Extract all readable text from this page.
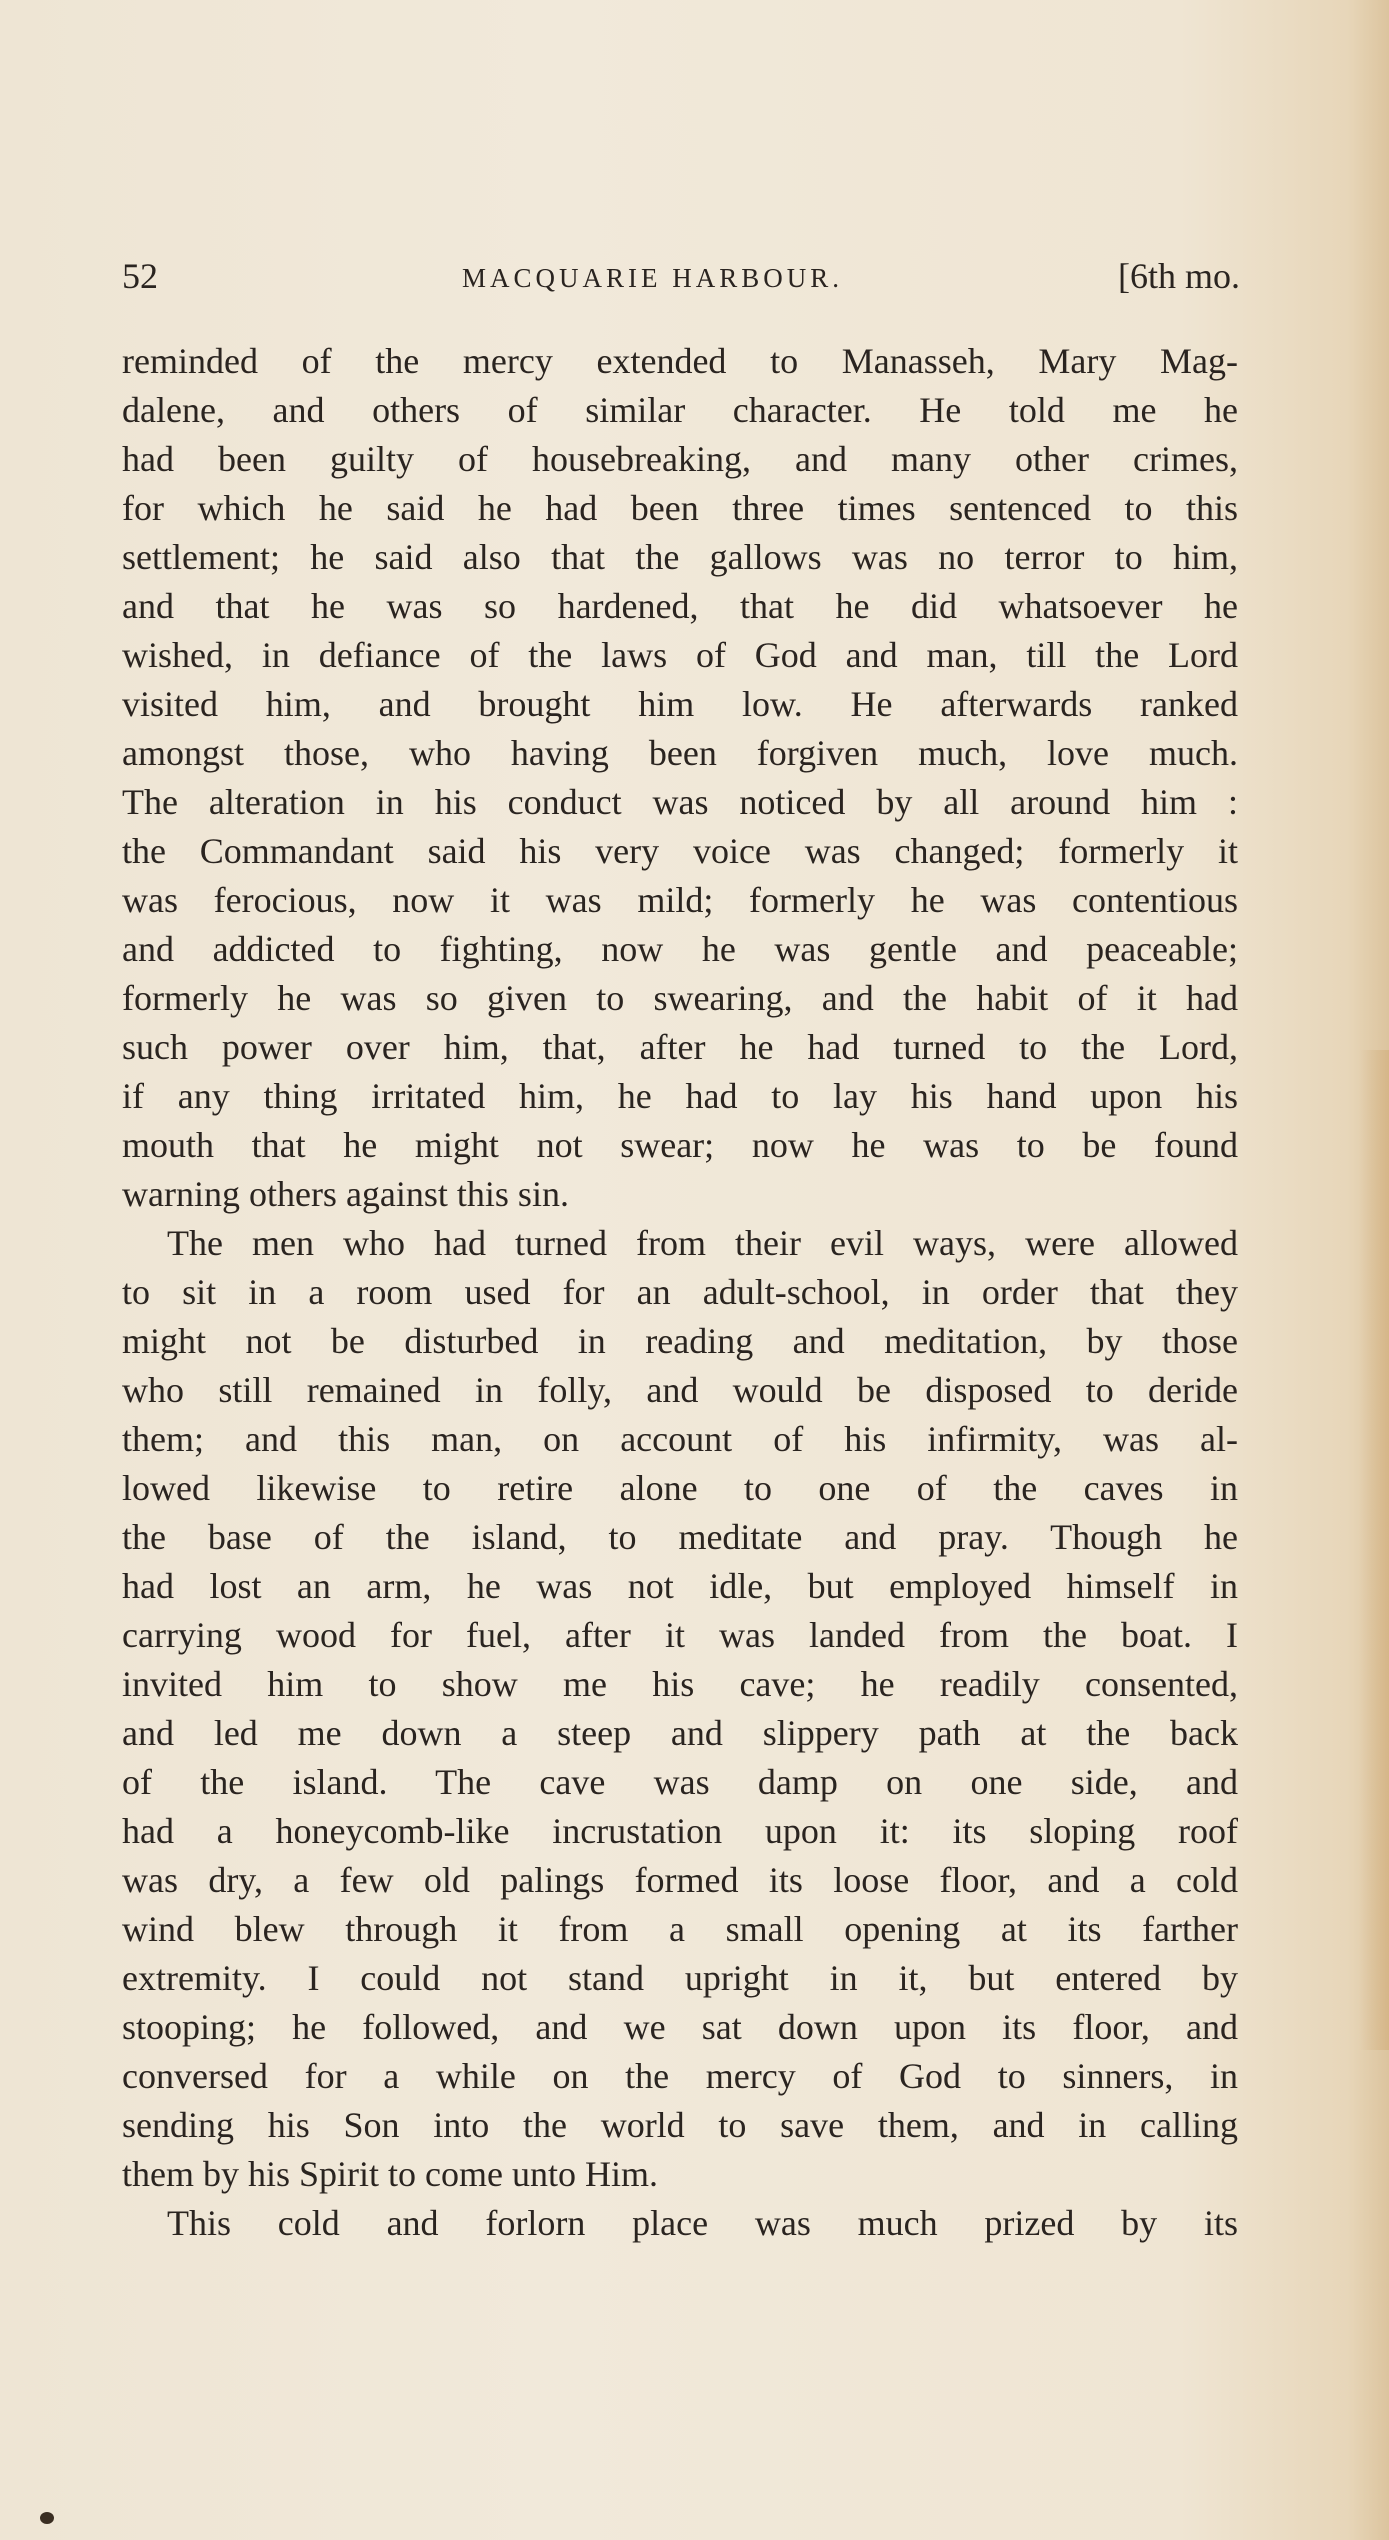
52	MACQUARIE HARBOUR.	[6th mo.
reminded of the mercy extended to Manasseh, Mary Mag-
dalene, and others of similar character. He told me he
had been guilty of housebreaking, and many other crimes,
for which he said he had been three times sentenced to this
settlement; he said also that the gallows was no terror to him,
and that he was so hardened, that he did whatsoever he
wished, in defiance of the laws of God and man, till the Lord
visited him, and brought him low. He afterwards ranked
amongst those, who having been forgiven much, love much.
The alteration in his conduct was noticed by all around him :
the Commandant said his very voice was changed; formerly it
was ferocious, now it was mild; formerly he was contentious
and addicted to fighting, now he was gentle and peaceable;
formerly he was so given to swearing, and the habit of it had
such power over him, that, after he had turned to the Lord,
if any thing irritated him, he had to lay his hand upon his
mouth that he might not swear; now he was to be found
warning others against this sin.
The men who had turned from their evil ways, were allowed
to sit in a room used for an adult-school, in order that they
might not be disturbed in reading and meditation, by those
who still remained in folly, and would be disposed to deride
them; and this man, on account of his infirmity, was al-
lowed likewise to retire alone to one of the caves in
the base of the island, to meditate and pray. Though he
had lost an arm, he was not idle, but employed himself in
carrying wood for fuel, after it was landed from the boat. I
invited him to show me his cave; he readily consented,
and led me down a steep and slippery path at the back
of the island. The cave was damp on one side, and
had a honeycomb-like incrustation upon it: its sloping roof
was dry, a few old palings formed its loose floor, and a cold
wind blew through it from a small opening at its farther
extremity. I could not stand upright in it, but entered by
stooping; he followed, and we sat down upon its floor, and
conversed for a while on the mercy of God to sinners, in
sending his Son into the world to save them, and in calling
them by his Spirit to come unto Him.
This cold and forlorn place was much prized by its
